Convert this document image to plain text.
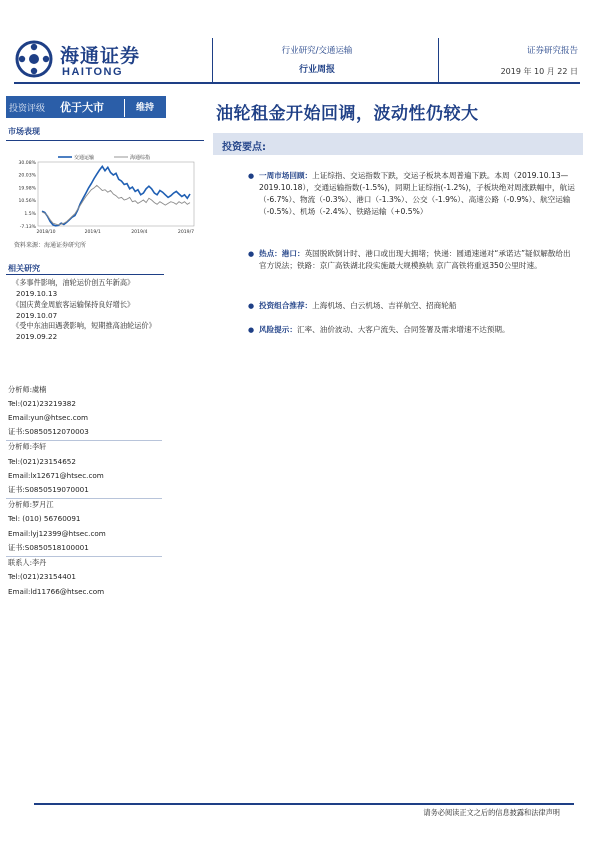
海通证券
HAITONG
行业研究/交通运输
行业周报
证券研究报告
2019 年 10 月 22 日
投资评级 优于大市	维持
市场表现
30.08%
20.03%
19.98%
10.56%
1.5%
-7.13%
2018/10	2019/1	2019/4	2019/7
交通运输	海通综指
资料来源：海通证券研究所
相关研究
《多事件影响，油轮运价创五年新高》
2019.10.13
《国庆黄金周旅客运输保持良好增长》
2019.10.07
《受中东油田遇袭影响，短期推高油轮运价》
2019.09.22
分析师:虞楠
Tel:(021)23219382
Email:yun@htsec.com
证书:S0850512070003
分析师:李轩
Tel:(021)23154652
Email:lx12671@htsec.com
证书:S0850519070001
分析师:罗月江
Tel: (010) 56760091
Email:lyj12399@htsec.com
证书:S0850518100001
联系人:李丹
Tel:(021)23154401
Email:ld11766@htsec.com
油轮租金开始回调，波动性仍较大
投资要点:
● 一周市场回顾：上证综指、交运指数下跌，交运子板块本周普遍下跌。本周（2019.10.13—2019.10.18），交通运输指数(-1.5%)，同期上证综指(-1.2%)，子板块绝对周涨跌幅中，航运（-6.7%）、物流（-0.3%）、港口（-1.3%）、公交（-1.9%）、高速公路（-0.9%）、航空运输（-0.5%）、机场（-2.4%）、铁路运输（+0.5%）
● 热点：港口：英国脱欧倒计时、港口或出现大拥堵；快递：圆通速递对“承诺达”疑似解散给出官方说法；铁路：京广高铁湖北段实施最大规模换轨 京广高铁将重返350公里时速。
● 投资组合推荐：上海机场、白云机场、吉祥航空、招商轮船
● 风险提示：汇率、油价波动、大客户流失、合同签署及需求增速不达预期。
请务必阅读正文之后的信息披露和法律声明
